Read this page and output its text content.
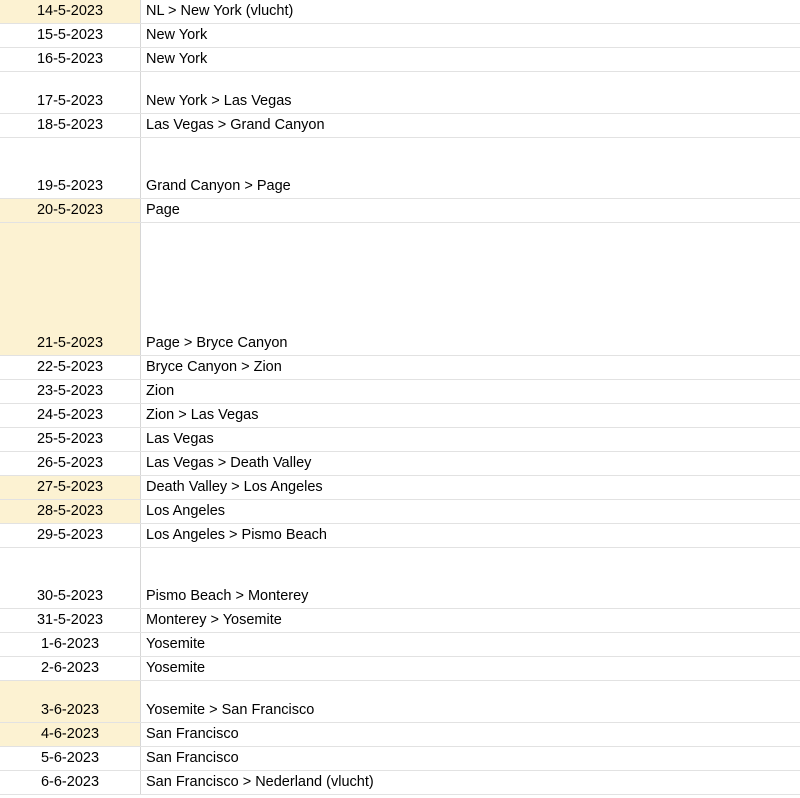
14-5-2023	NL > New York (vlucht)
15-5-2023	New York
16-5-2023	New York
17-5-2023	New York > Las Vegas
18-5-2023	Las Vegas > Grand Canyon
19-5-2023	Grand Canyon > Page
20-5-2023	Page
21-5-2023	Page > Bryce Canyon
22-5-2023	Bryce Canyon > Zion
23-5-2023	Zion
24-5-2023	Zion > Las Vegas
25-5-2023	Las Vegas
26-5-2023	Las Vegas > Death Valley
27-5-2023	Death Valley > Los Angeles
28-5-2023	Los Angeles
29-5-2023	Los Angeles > Pismo Beach
30-5-2023	Pismo Beach > Monterey
31-5-2023	Monterey > Yosemite
1-6-2023	Yosemite
2-6-2023	Yosemite
3-6-2023	Yosemite > San Francisco
4-6-2023	San Francisco
5-6-2023	San Francisco
6-6-2023	San Francisco > Nederland (vlucht)
